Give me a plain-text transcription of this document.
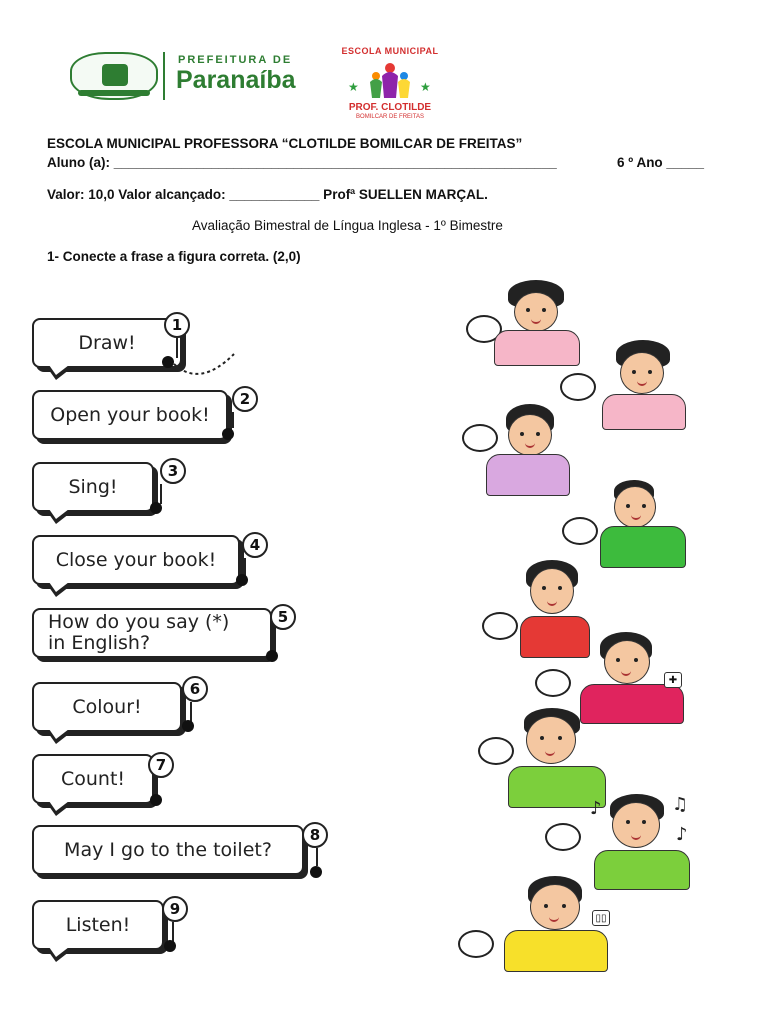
PREFEITURA DE
Paranaíba
ESCOLA MUNICIPAL
★	★
PROF. CLOTILDE
BOMILCAR DE FREITAS
ESCOLA MUNICIPAL PROFESSORA “CLOTILDE BOMILCAR DE FREITAS”
Aluno (a): ___________________________________________________________	6 º Ano _____
Valor: 10,0 Valor alcançado: ____________ Profª SUELLEN MARÇAL.
Avaliação Bimestral de Língua Inglesa - 1º Bimestre
1- Conecte a frase a figura correta. (2,0)
Draw!
1
Open your book!
2
Sing!
3
Close your book!
4
How do you say (*)
in English?
5
Colour!
6
Count!
7
May I go to the toilet?
8
Listen!
9
✚
♪	♫
♪
▯▯
